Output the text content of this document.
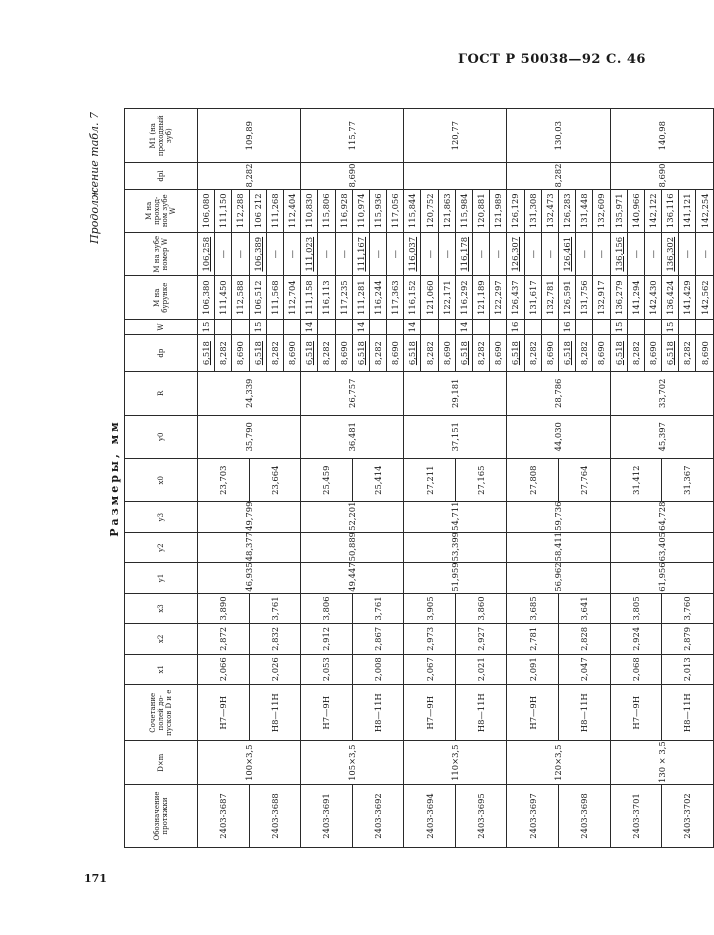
ГОСТ Р 50038—92 С. 46
Продолжение табл. 7
Размеры, мм
Обозначение протяжки	D×m	Сочетание полей до-пусков D и e	x1	x2	x3	y1	y2	y3	x0	y0	R	dp	W	M на бурунке	M на зубе номер W	M на проход-ном зубе W	dpl	M1 (на проходный зуб)
2403-3687	100×3,5	Н7—9Н	2,066	2,872	3,890	46,935	48,377	49,799	23,703	35,790	24,339	6,518	15	106,380	106,258	106,080	8,282	109,89
												8,282		111,450	—	111,150		
												8,690		112,588	—	112,288		
2403-3688		Н8—11Н	2,026	2,832	3,761				23,664			6,518	15	106,512	106,389	106 212		
												8,282		111,568	—	111,268		
												8,690		112,704	—	112,404		
2403-3691	105×3,5	Н7—9Н	2,053	2,912	3,806	49,447	50,889	52,201	25,459	36,481	26,757	6,518	14	111,158	111,023	110,830	8,690	115,77
												8,282		116,113	—	115,806		
												8,690		117,235	—	116,928		
2403-3692		Н8—11Н	2,008	2,867	3,761				25,414			6,518	14	111,281	111,167	110,974		
												8,282		116,244	—	115,936		
												8,690		117,363	—	117,056		
2403-3694	110×3,5	Н7—9Н	2,067	2,973	3,905	51,959	53,399	54,711	27,211	37,151	29,181	6,518	14	116,152	116,037	115,844		120,77
												8,282		121,060	—	120,752		
												8,690		122,171	—	121,863		
2403-3695		Н8—11Н	2,021	2,927	3,860				27,165			6,518	14	116,292	116,178	115,984		
												8,282		121,189	—	120,881		
												8,690		122,297	—	121,989		
2403-3697	120×3,5	Н7—9Н	2,091	2,781	3,685	56,962	58,411	59,736	27,808	44,030	28,786	6,518	16	126,437	126,307	126,129	8,282	130,03
												8,282		131,617	—	131,308		
												8,690		132,781	—	132,473		
2403-3698		Н8—11Н	2,047	2,828	3,641				27,764			6,518	16	126,591	126,461	126,283		
												8,282		131,756	—	131,448		
												8,690		132,917	—	132,609		
2403-3701	130 × 3,5	Н7—9Н	2,068	2,924	3,805	61,956	63,405	64,728	31,412	45,397	33,702	6,518	15	136,279	136,156	135,971	8,690	140,98
												8,282		141,294	—	140,966		
												8,690		142,430	—	142,122		
2403-3702		Н8—11Н	2,013	2,879	3,760				31,367			6,518	15	136,424	136,302	136,116		
												8,282		141,429	—	141,121		
												8,690		142,562	—	142,254		
171
